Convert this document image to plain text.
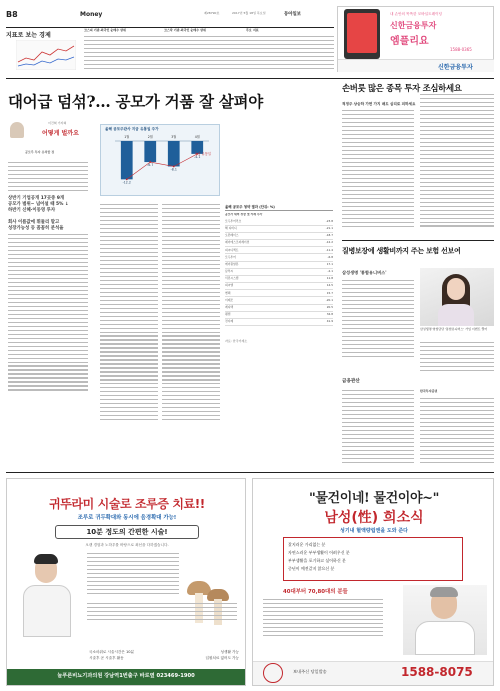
B8	Money	제28790호	2017년 5월 18일 목요일	동아일보	내 손안의 똑똑한 모바일트레이딩
신한금융투자
엠플리요
1588-0365
신한금융투자
지표로 보는 경제
코스피 기관·외국인 순매수 상위	코스닥 기관·외국인 순매수 상위	주요 지표
대어급 덤섞?… 공모가 거품 잘 살펴야
이건혁 기자의
어떻게 벌까요
공모주 투자 유의할 점
상반기 기업공개 17곳중 9개
공모가 범위~ 넘어설 때 5% ↓
하반기 신혜·이동영 투자
회사 이름값에 휘둘리 말고
성장가능성 등 꼼꼼히 분석을
올해 공모주관사 지금 유통일 주가
-12.2
1월
-6.7
2월
-8.1
3월
-4.1
4월
상장 유통일
올해 공모주 청약 결과 (단위: %)
공모가 대비 상장 첫 거래 주가
모두투어리츠	-23.8
해 디비디	-21.1
오픈베이스	-18.7
제이에스코퍼레이션	-12.2
피씨디렉트	-11.4
모두투어	-6.8
에이원알폰	17.1
남부씨	-2.1
서진시스템	11.8
피씨엘	14.5
엔텍	15.7
이제모	-20.1
레디백	20.5
팬젠	34.8
전다제	41.9
자료: 한국거래소
손버릇 많은 종목 투자 조심하세요
적정주 상승하 가면 가지 매도 심리로 피하세요
질병보장에 생활비까지 주는 보험 선보여
삼성생명 '통합유니버스'
삼성생명 영업담당 '통합유니버스' 가입 이벤트 열어
금융관산
한국투자증권
귀뚜라미 시술로 조루증 치료!!
조루로 귀두확대와 동시에 음경확대 가능!
10분 정도의 간편한 시술!
오랜 경험과 노하우를 바탕으로 최선을 다하겠습니다.
국소마취로 시술시간은 10분	성생활 가능
시술후 곧 시술후 활동	입원치료 없어도 가능
늘푸른비뇨기과의원 강남역1번출구 바로옆 023469-1900
"물건이네! 물건이야~"
남성(性) 희소식
성기내 혈액량립앤을 도와 준다
잦지러운 가리없는 분
자연스러운 부부생활이 어려우신 분
부부생활을 포기하고 싶어하신 분
중년이 예전같지 않으신 분
40대부터 70,80대의 분들
보내주신 당일발송	1588-8075
